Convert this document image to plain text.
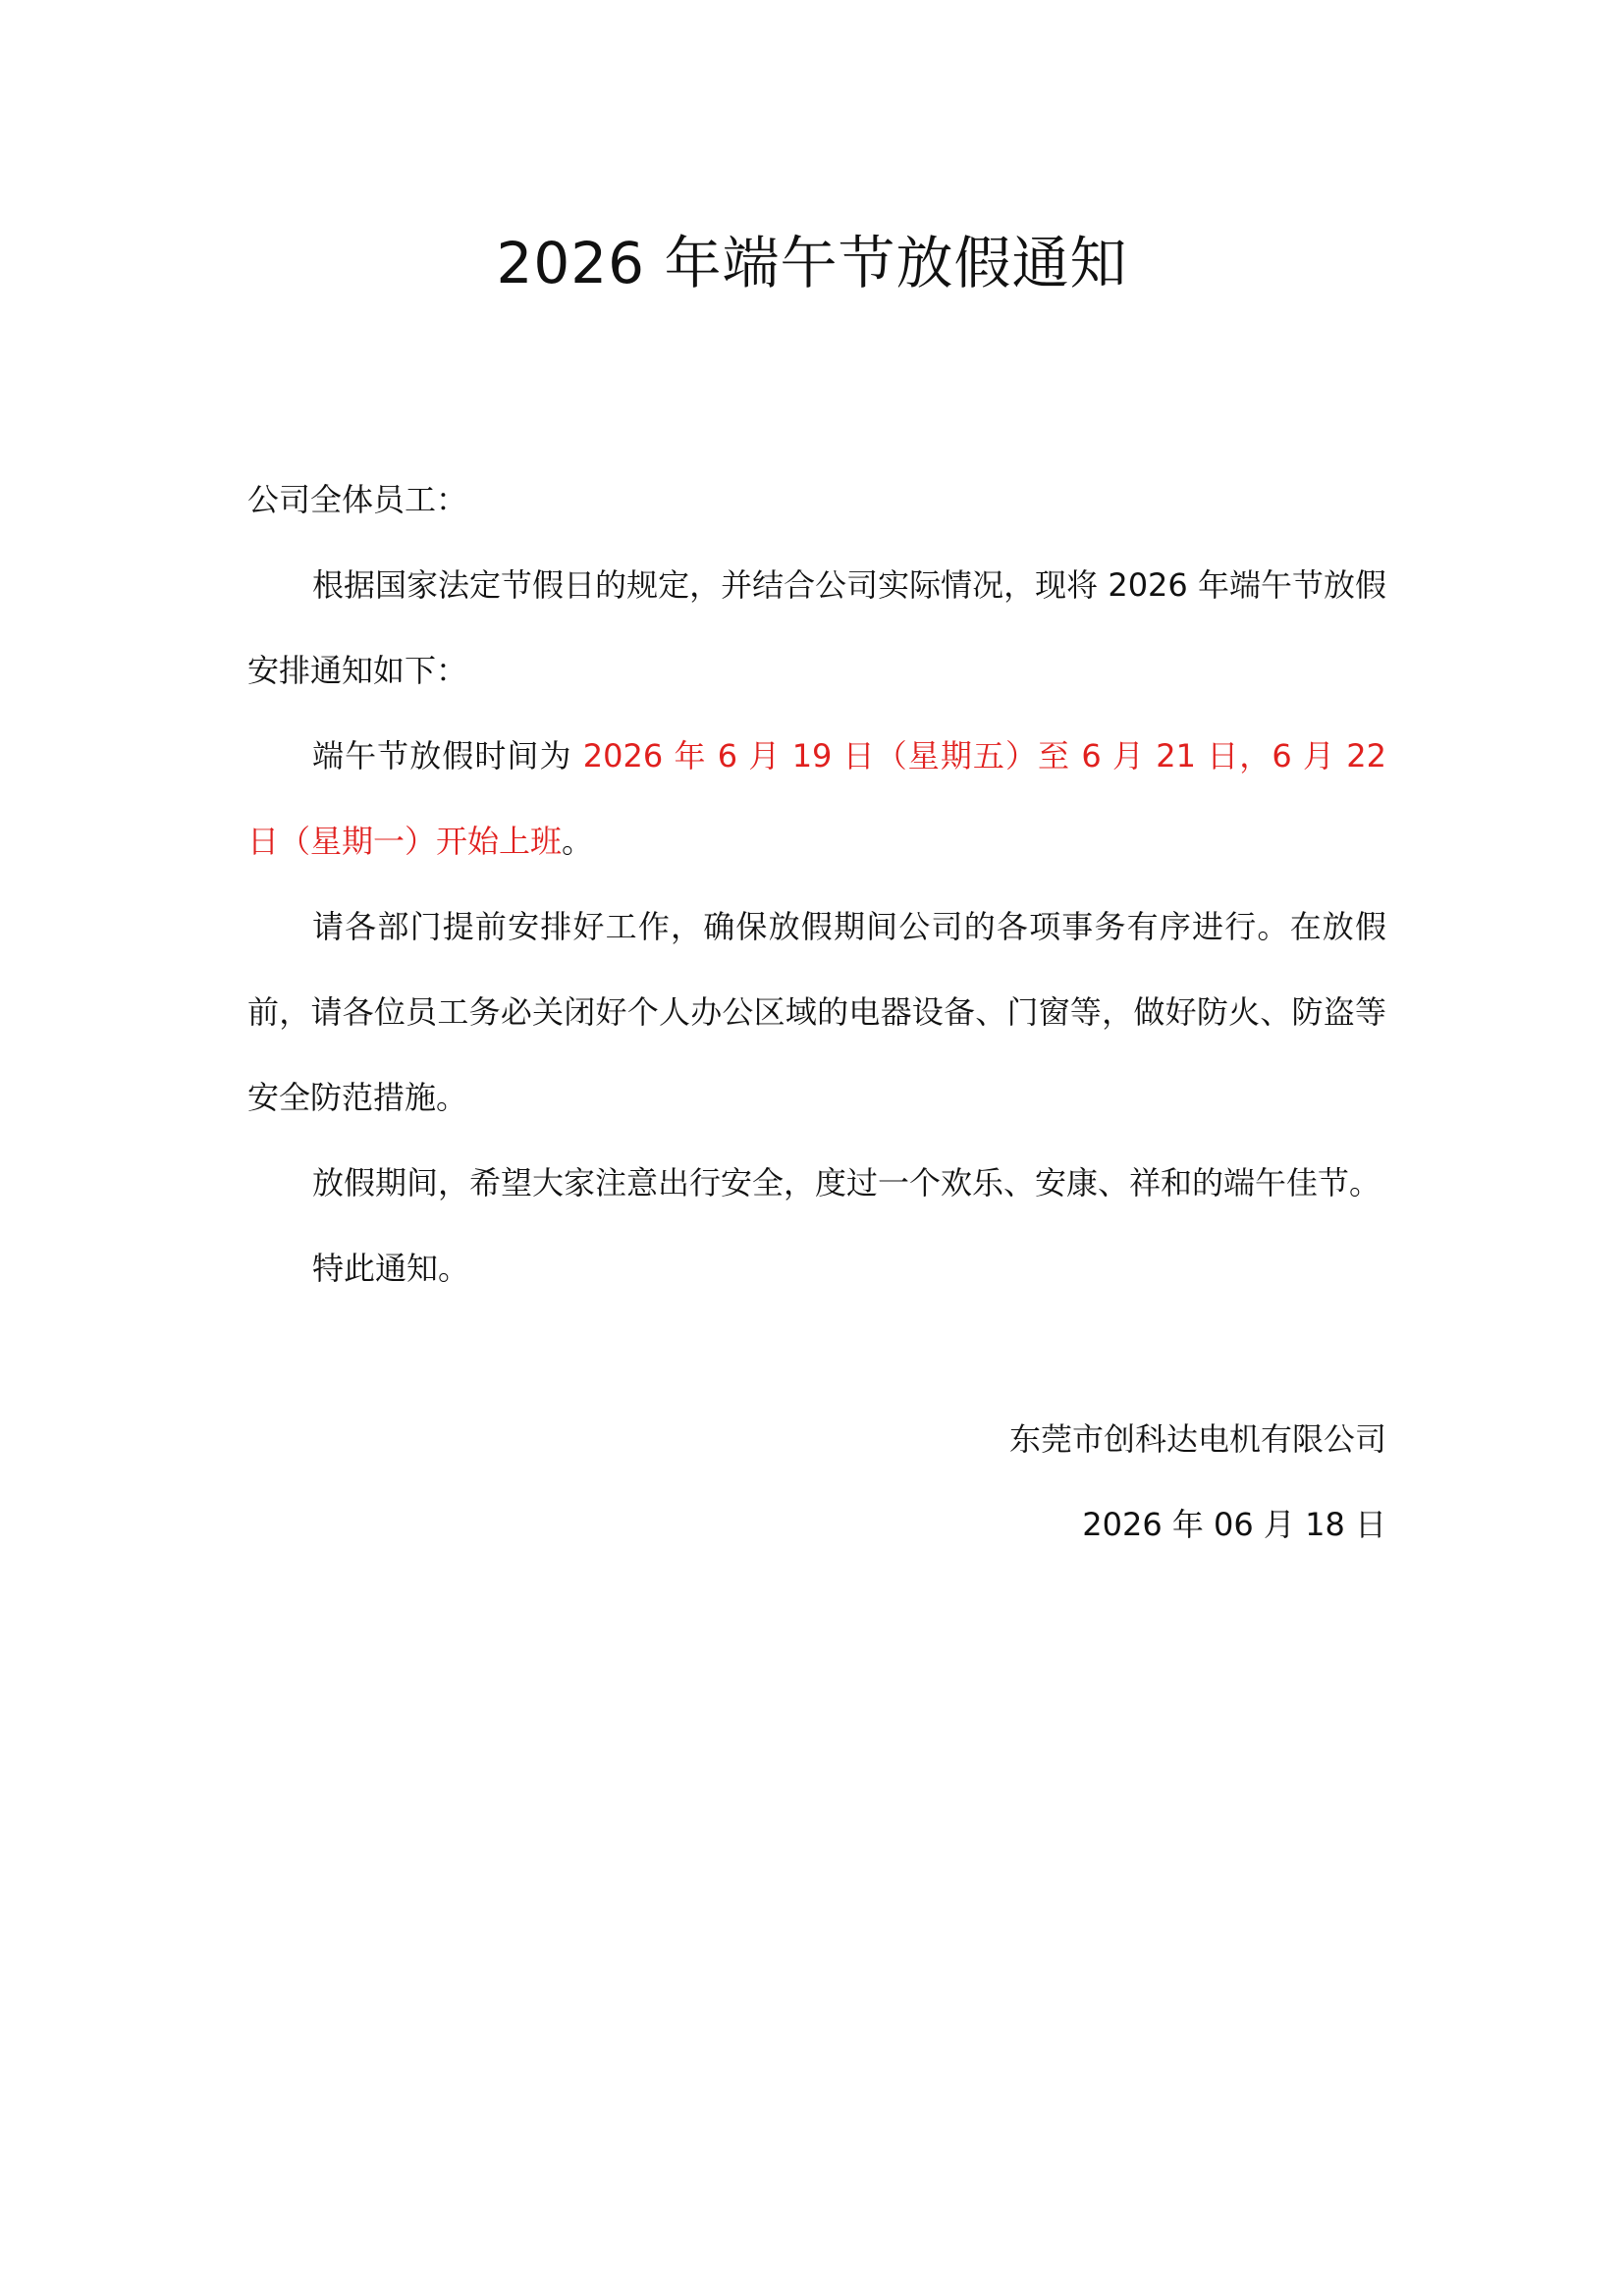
2026 年端午节放假通知
公司全体员工：
根据国家法定节假日的规定，并结合公司实际情况，现将 2026 年端午节放假安排通知如下：
端午节放假时间为 2026 年 6 月 19 日（星期五）至 6 月 21 日，6 月 22 日（星期一）开始上班。
请各部门提前安排好工作，确保放假期间公司的各项事务有序进行。在放假前，请各位员工务必关闭好个人办公区域的电器设备、门窗等，做好防火、防盗等安全防范措施。
放假期间，希望大家注意出行安全，度过一个欢乐、安康、祥和的端午佳节。
特此通知。
东莞市创科达电机有限公司
2026 年 06 月 18 日
